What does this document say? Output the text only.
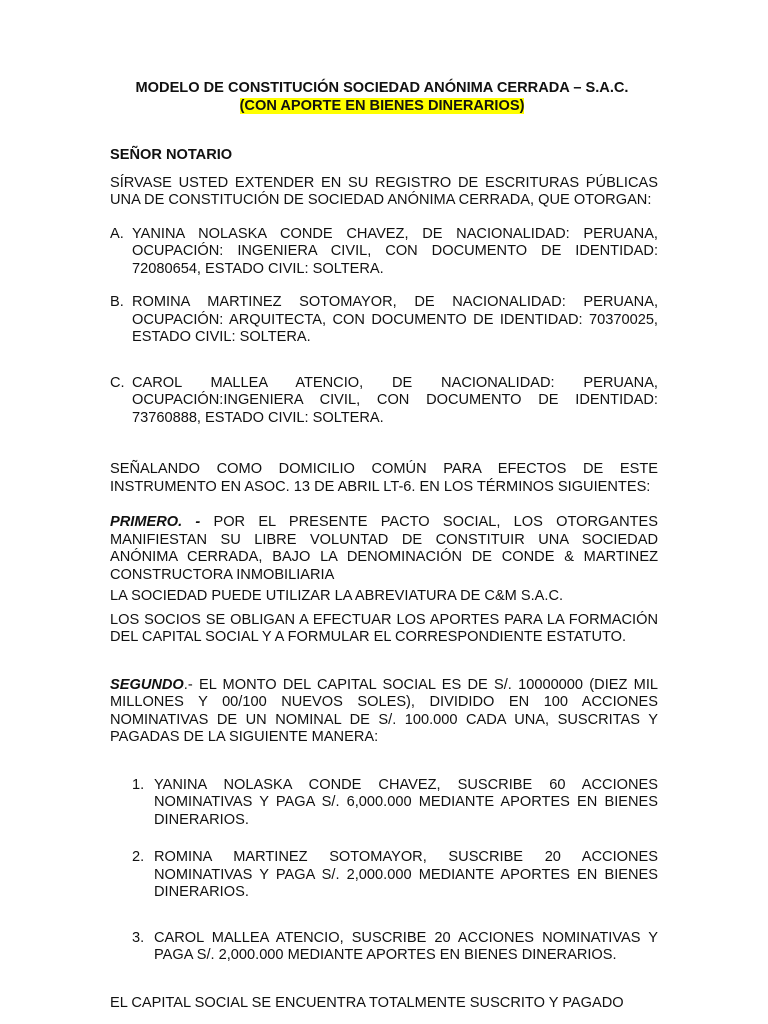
MODELO DE CONSTITUCIÓN SOCIEDAD ANÓNIMA CERRADA – S.A.C.
(CON APORTE EN BIENES DINERARIOS)
SEÑOR NOTARIO

SÍRVASE USTED EXTENDER EN SU REGISTRO DE ESCRITURAS PÚBLICAS UNA DE CONSTITUCIÓN DE SOCIEDAD ANÓNIMA CERRADA, QUE OTORGAN:

A. YANINA NOLASKA CONDE CHAVEZ, DE NACIONALIDAD: PERUANA, OCUPACIÓN: INGENIERA CIVIL, CON DOCUMENTO DE IDENTIDAD: 72080654, ESTADO CIVIL: SOLTERA.
B. ROMINA MARTINEZ SOTOMAYOR, DE NACIONALIDAD: PERUANA, OCUPACIÓN: ARQUITECTA, CON DOCUMENTO DE IDENTIDAD: 70370025, ESTADO CIVIL: SOLTERA.
C. CAROL MALLEA ATENCIO, DE NACIONALIDAD: PERUANA, OCUPACIÓN:INGENIERA CIVIL, CON DOCUMENTO DE IDENTIDAD: 73760888, ESTADO CIVIL: SOLTERA.

SEÑALANDO COMO DOMICILIO COMÚN PARA EFECTOS DE ESTE INSTRUMENTO EN ASOC. 13 DE ABRIL LT-6. EN LOS TÉRMINOS SIGUIENTES:

PRIMERO. - POR EL PRESENTE PACTO SOCIAL, LOS OTORGANTES MANIFIESTAN SU LIBRE VOLUNTAD DE CONSTITUIR UNA SOCIEDAD ANÓNIMA CERRADA, BAJO LA DENOMINACIÓN DE CONDE & MARTINEZ CONSTRUCTORA INMOBILIARIA

LA SOCIEDAD PUEDE UTILIZAR LA ABREVIATURA DE C&M S.A.C.

LOS SOCIOS SE OBLIGAN A EFECTUAR LOS APORTES PARA LA FORMACIÓN DEL CAPITAL SOCIAL Y A FORMULAR EL CORRESPONDIENTE ESTATUTO.

SEGUNDO.- EL MONTO DEL CAPITAL SOCIAL ES DE S/. 10000000 (DIEZ MIL MILLONES Y 00/100 NUEVOS SOLES), DIVIDIDO EN 100 ACCIONES NOMINATIVAS DE UN NOMINAL DE S/. 100.000 CADA UNA, SUSCRITAS Y PAGADAS DE LA SIGUIENTE MANERA:

1. YANINA NOLASKA CONDE CHAVEZ, SUSCRIBE 60 ACCIONES NOMINATIVAS Y PAGA S/. 6,000.000 MEDIANTE APORTES EN BIENES DINERARIOS.
2. ROMINA MARTINEZ SOTOMAYOR, SUSCRIBE 20 ACCIONES NOMINATIVAS Y PAGA S/. 2,000.000 MEDIANTE APORTES EN BIENES DINERARIOS.
3. CAROL MALLEA ATENCIO, SUSCRIBE 20 ACCIONES NOMINATIVAS Y PAGA S/. 2,000.000 MEDIANTE APORTES EN BIENES DINERARIOS.

EL CAPITAL SOCIAL SE ENCUENTRA TOTALMENTE SUSCRITO Y PAGADO
